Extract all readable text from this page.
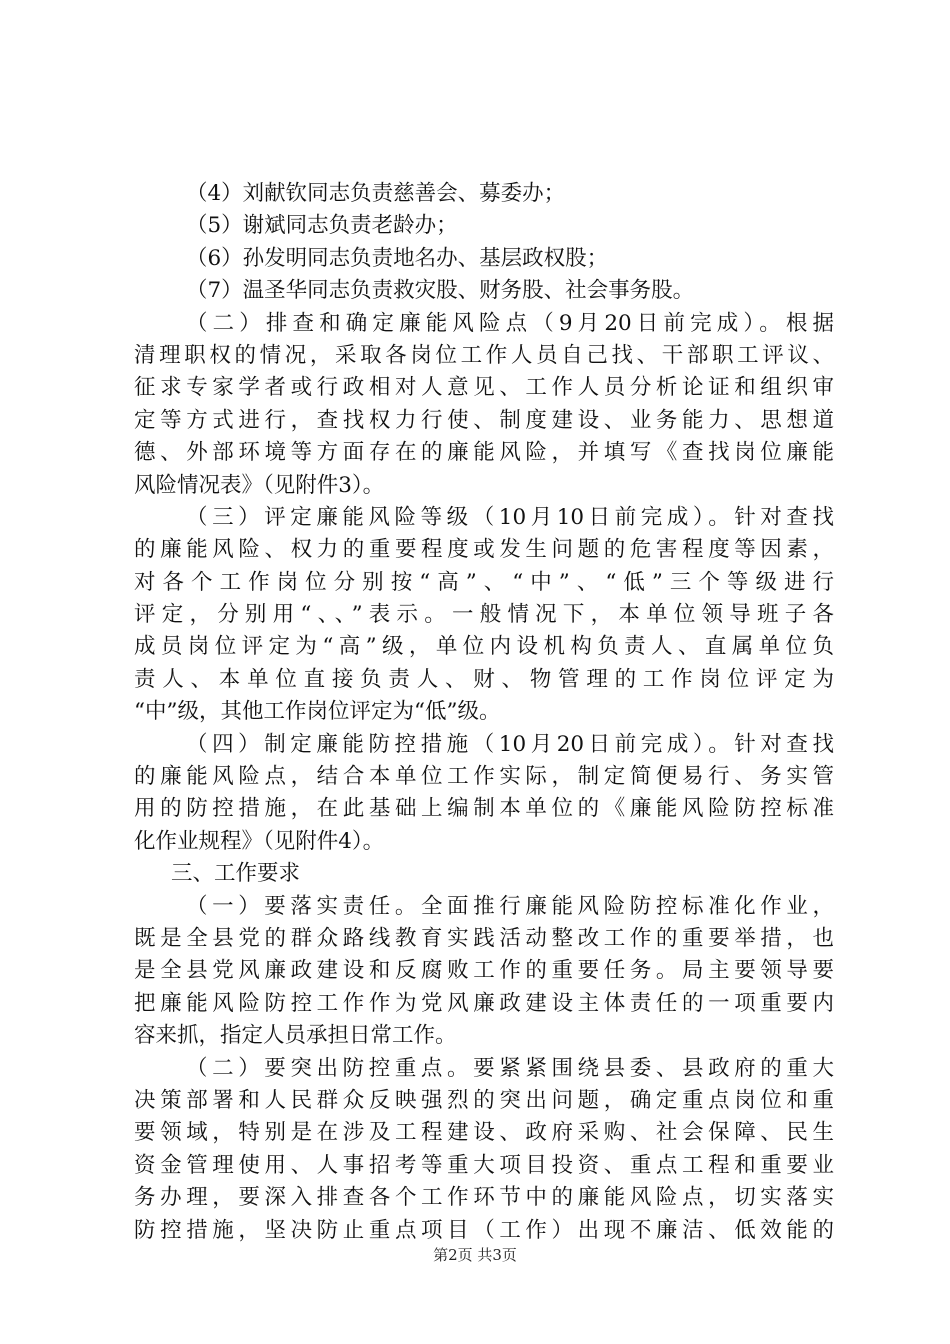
（4）刘献钦同志负责慈善会、募委办；
（5）谢斌同志负责老龄办；
（6）孙发明同志负责地名办、基层政权股；
（7）温圣华同志负责救灾股、财务股、社会事务股。
（二）排查和确定廉能风险点（9月20日前完成）。根据
清理职权的情况，采取各岗位工作人员自己找、干部职工评议、
征求专家学者或行政相对人意见、工作人员分析论证和组织审
定等方式进行，查找权力行使、制度建设、业务能力、思想道
德、外部环境等方面存在的廉能风险，并填写《查找岗位廉能
风险情况表》（见附件3）。
（三）评定廉能风险等级（10月10日前完成）。针对查找
的廉能风险、权力的重要程度或发生问题的危害程度等因素，
对各个工作岗位分别按“高”、“中”、“低”三个等级进行
评定，分别用“、、”表示。一般情况下，本单位领导班子各
成员岗位评定为“高”级，单位内设机构负责人、直属单位负
责人、本单位直接负责人、财、物管理的工作岗位评定为
“中”级，其他工作岗位评定为“低”级。
（四）制定廉能防控措施（10月20日前完成）。针对查找
的廉能风险点，结合本单位工作实际，制定简便易行、务实管
用的防控措施，在此基础上编制本单位的《廉能风险防控标准
化作业规程》（见附件4）。
三、工作要求
（一）要落实责任。全面推行廉能风险防控标准化作业，
既是全县党的群众路线教育实践活动整改工作的重要举措，也
是全县党风廉政建设和反腐败工作的重要任务。局主要领导要
把廉能风险防控工作作为党风廉政建设主体责任的一项重要内
容来抓，指定人员承担日常工作。
（二）要突出防控重点。要紧紧围绕县委、县政府的重大
决策部署和人民群众反映强烈的突出问题，确定重点岗位和重
要领域，特别是在涉及工程建设、政府采购、社会保障、民生
资金管理使用、人事招考等重大项目投资、重点工程和重要业
务办理，要深入排查各个工作环节中的廉能风险点，切实落实
防控措施，坚决防止重点项目（工作）出现不廉洁、低效能的
第2页 共3页
